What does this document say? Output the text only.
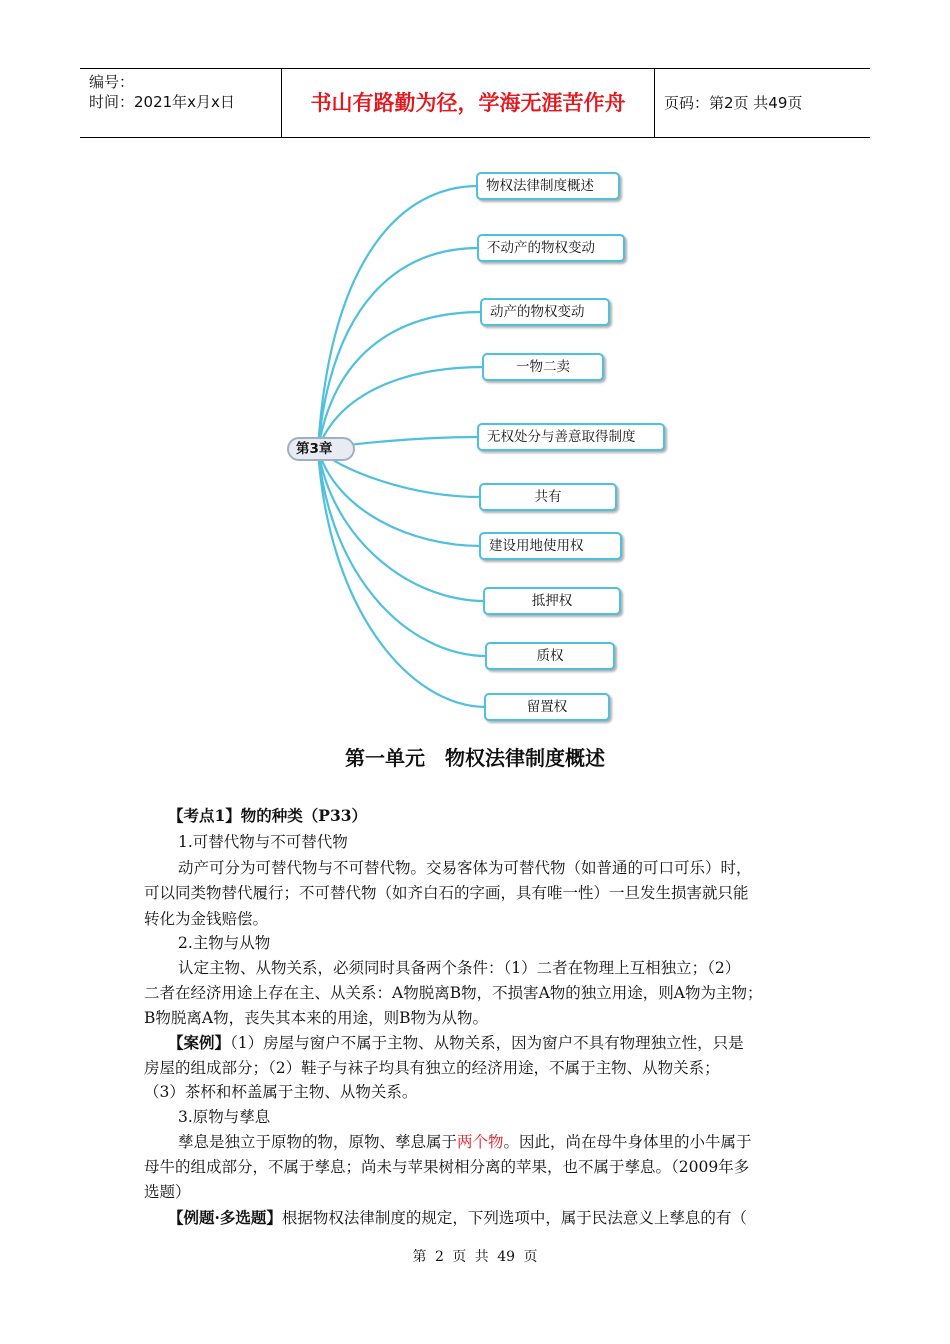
编号：
时间：2021年x月x日	书山有路勤为径，学海无涯苦作舟	页码：第2页 共49页
第3章
物权法律制度概述
不动产的物权变动
动产的物权变动
一物二卖
无权处分与善意取得制度
共有
建设用地使用权
抵押权
质权
留置权
第一单元　物权法律制度概述
【考点1】物的种类（P33）
1.可替代物与不可替代物
动产可分为可替代物与不可替代物。交易客体为可替代物（如普通的可口可乐）时，
可以同类物替代履行；不可替代物（如齐白石的字画，具有唯一性）一旦发生损害就只能
转化为金钱赔偿。
2.主物与从物
认定主物、从物关系，必须同时具备两个条件：（1）二者在物理上互相独立；（2）
二者在经济用途上存在主、从关系：A物脱离B物，不损害A物的独立用途，则A物为主物；
B物脱离A物，丧失其本来的用途，则B物为从物。
【案例】（1）房屋与窗户不属于主物、从物关系，因为窗户不具有物理独立性，只是
房屋的组成部分；（2）鞋子与袜子均具有独立的经济用途，不属于主物、从物关系；
（3）茶杯和杯盖属于主物、从物关系。
3.原物与孳息
孳息是独立于原物的物，原物、孳息属于两个物。因此，尚在母牛身体里的小牛属于
母牛的组成部分，不属于孳息；尚未与苹果树相分离的苹果，也不属于孳息。（2009年多
选题）
【例题·多选题】根据物权法律制度的规定，下列选项中，属于民法意义上孳息的有（
第 2 页 共 49 页
